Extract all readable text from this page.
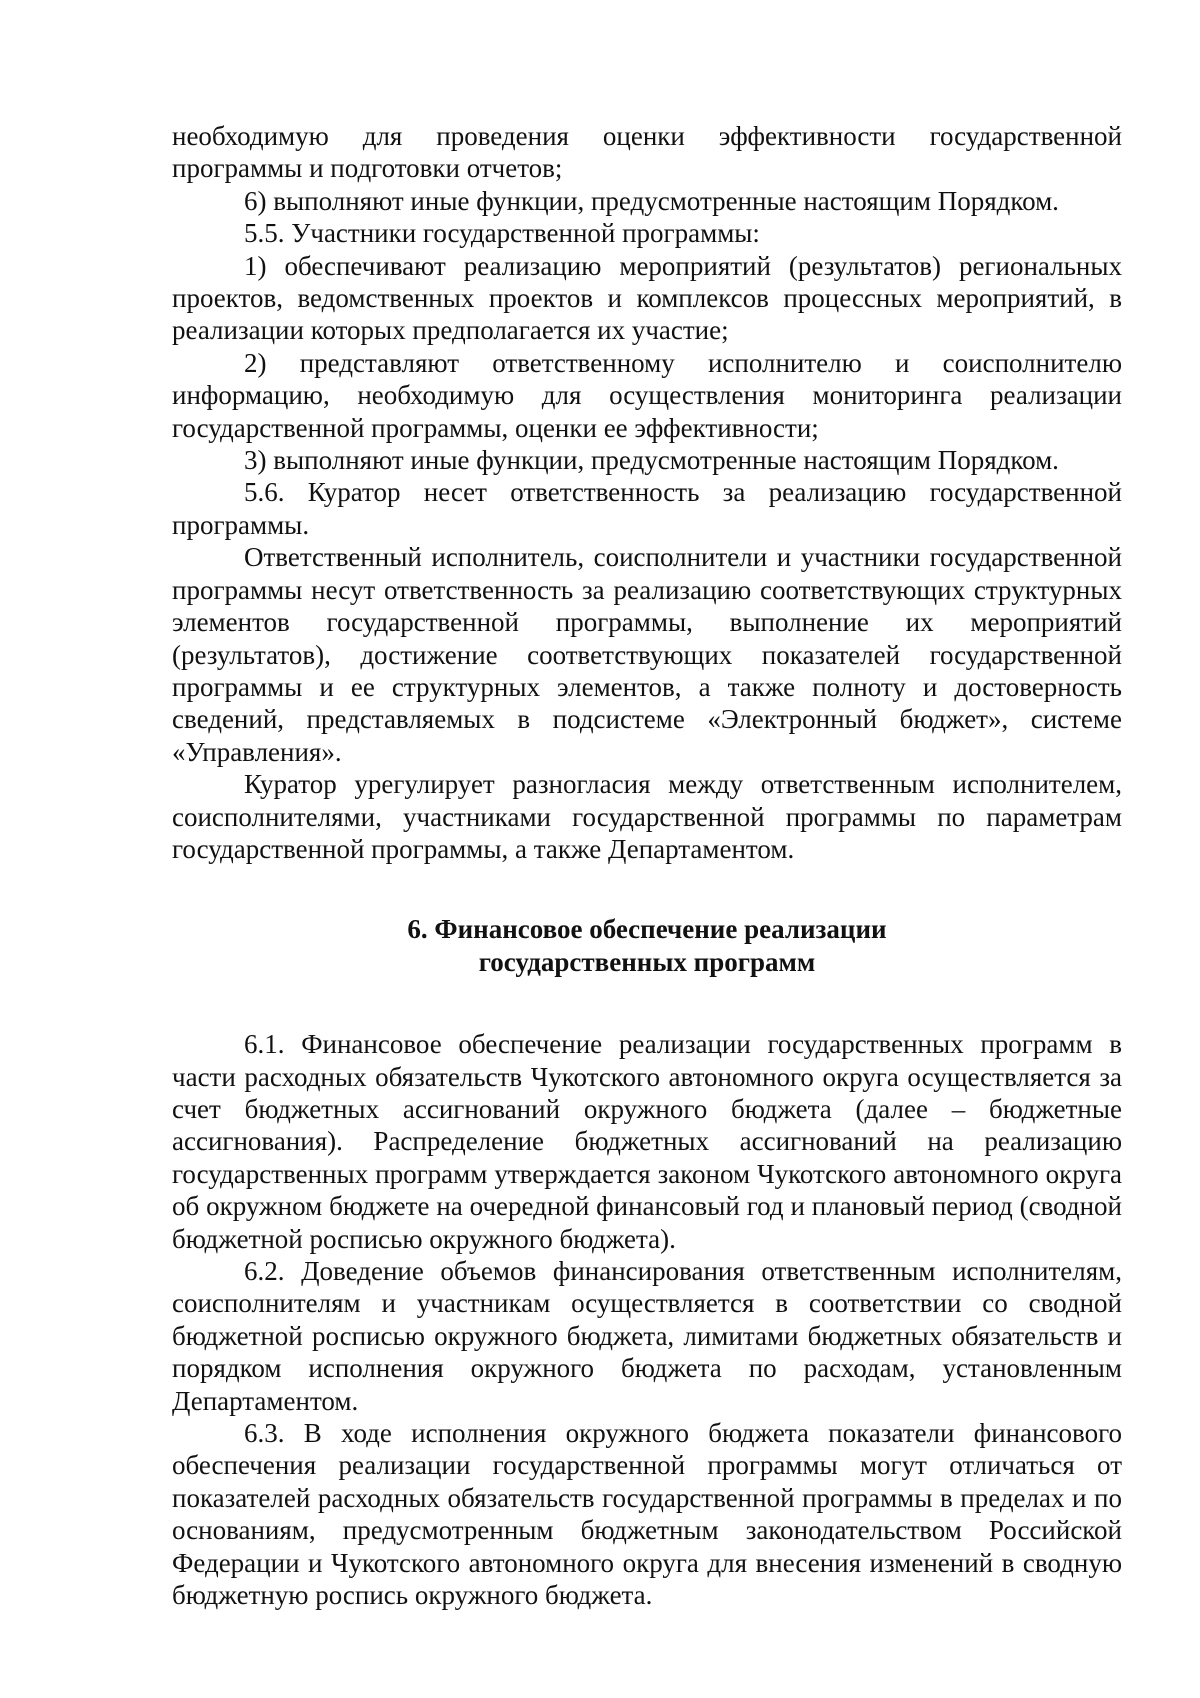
необходимую для проведения оценки эффективности государственной программы и подготовки отчетов;

6) выполняют иные функции, предусмотренные настоящим Порядком.

5.5. Участники государственной программы:

1) обеспечивают реализацию мероприятий (результатов) региональных проектов, ведомственных проектов и комплексов процессных мероприятий, в реализации которых предполагается их участие;

2) представляют ответственному исполнителю и соисполнителю информацию, необходимую для осуществления мониторинга реализации государственной программы, оценки ее эффективности;

3) выполняют иные функции, предусмотренные настоящим Порядком.

5.6. Куратор несет ответственность за реализацию государственной программы.

Ответственный исполнитель, соисполнители и участники государственной программы несут ответственность за реализацию соответствующих структурных элементов государственной программы, выполнение их мероприятий (результатов), достижение соответствующих показателей государственной программы и ее структурных элементов, а также полноту и достоверность сведений, представляемых в подсистеме «Электронный бюджет», системе «Управления».

Куратор урегулирует разногласия между ответственным исполнителем, соисполнителями, участниками государственной программы по параметрам государственной программы, а также Департаментом.

6. Финансовое обеспечение реализации

государственных программ

6.1. Финансовое обеспечение реализации государственных программ в части расходных обязательств Чукотского автономного округа осуществляется за счет бюджетных ассигнований окружного бюджета (далее – бюджетные ассигнования). Распределение бюджетных ассигнований на реализацию государственных программ утверждается законом Чукотского автономного округа об окружном бюджете на очередной финансовый год и плановый период (сводной бюджетной росписью окружного бюджета).

6.2. Доведение объемов финансирования ответственным исполнителям, соисполнителям и участникам осуществляется в соответствии со сводной бюджетной росписью окружного бюджета, лимитами бюджетных обязательств и порядком исполнения окружного бюджета по расходам, установленным Департаментом.

6.3. В ходе исполнения окружного бюджета показатели финансового обеспечения реализации государственной программы могут отличаться от показателей расходных обязательств государственной программы в пределах и по основаниям, предусмотренным бюджетным законодательством Российской Федерации и Чукотского автономного округа для внесения изменений в сводную бюджетную роспись окружного бюджета.
